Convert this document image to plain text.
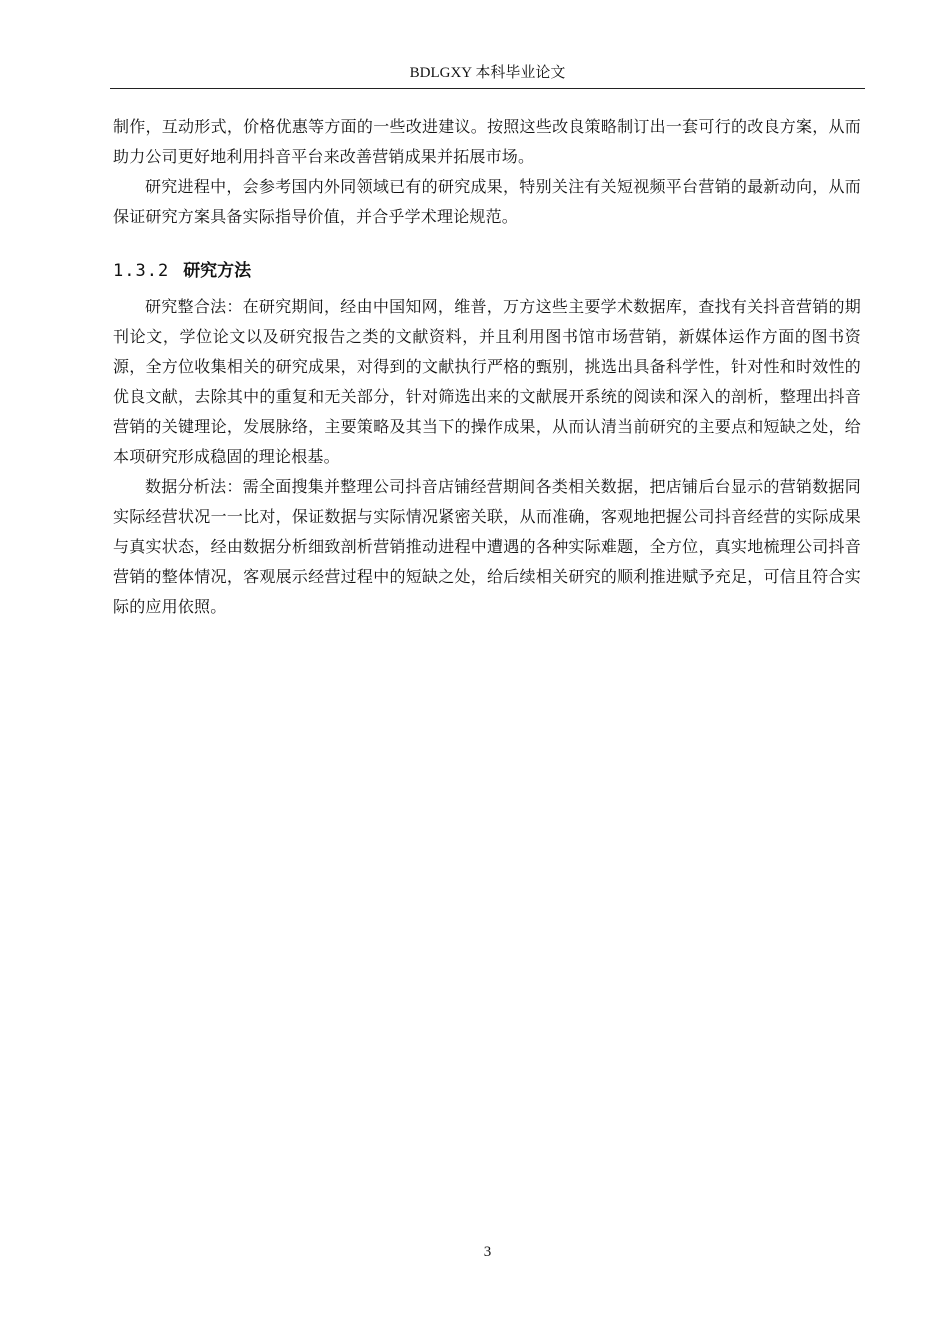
BDLGXY 本科毕业论文

制作，互动形式，价格优惠等方面的一些改进建议。按照这些改良策略制订出一套可行的改良方案，从而助力公司更好地利用抖音平台来改善营销成果并拓展市场。

研究进程中，会参考国内外同领域已有的研究成果，特别关注有关短视频平台营销的最新动向，从而保证研究方案具备实际指导价值，并合乎学术理论规范。

1.3.2 研究方法

研究整合法：在研究期间，经由中国知网，维普，万方这些主要学术数据库，查找有关抖音营销的期刊论文，学位论文以及研究报告之类的文献资料，并且利用图书馆市场营销，新媒体运作方面的图书资源，全方位收集相关的研究成果，对得到的文献执行严格的甄别，挑选出具备科学性，针对性和时效性的优良文献，去除其中的重复和无关部分，针对筛选出来的文献展开系统的阅读和深入的剖析，整理出抖音营销的关键理论，发展脉络，主要策略及其当下的操作成果，从而认清当前研究的主要点和短缺之处，给本项研究形成稳固的理论根基。

数据分析法：需全面搜集并整理公司抖音店铺经营期间各类相关数据，把店铺后台显示的营销数据同实际经营状况一一比对，保证数据与实际情况紧密关联，从而准确，客观地把握公司抖音经营的实际成果与真实状态，经由数据分析细致剖析营销推动进程中遭遇的各种实际难题，全方位，真实地梳理公司抖音营销的整体情况，客观展示经营过程中的短缺之处，给后续相关研究的顺利推进赋予充足，可信且符合实际的应用依照。

3
